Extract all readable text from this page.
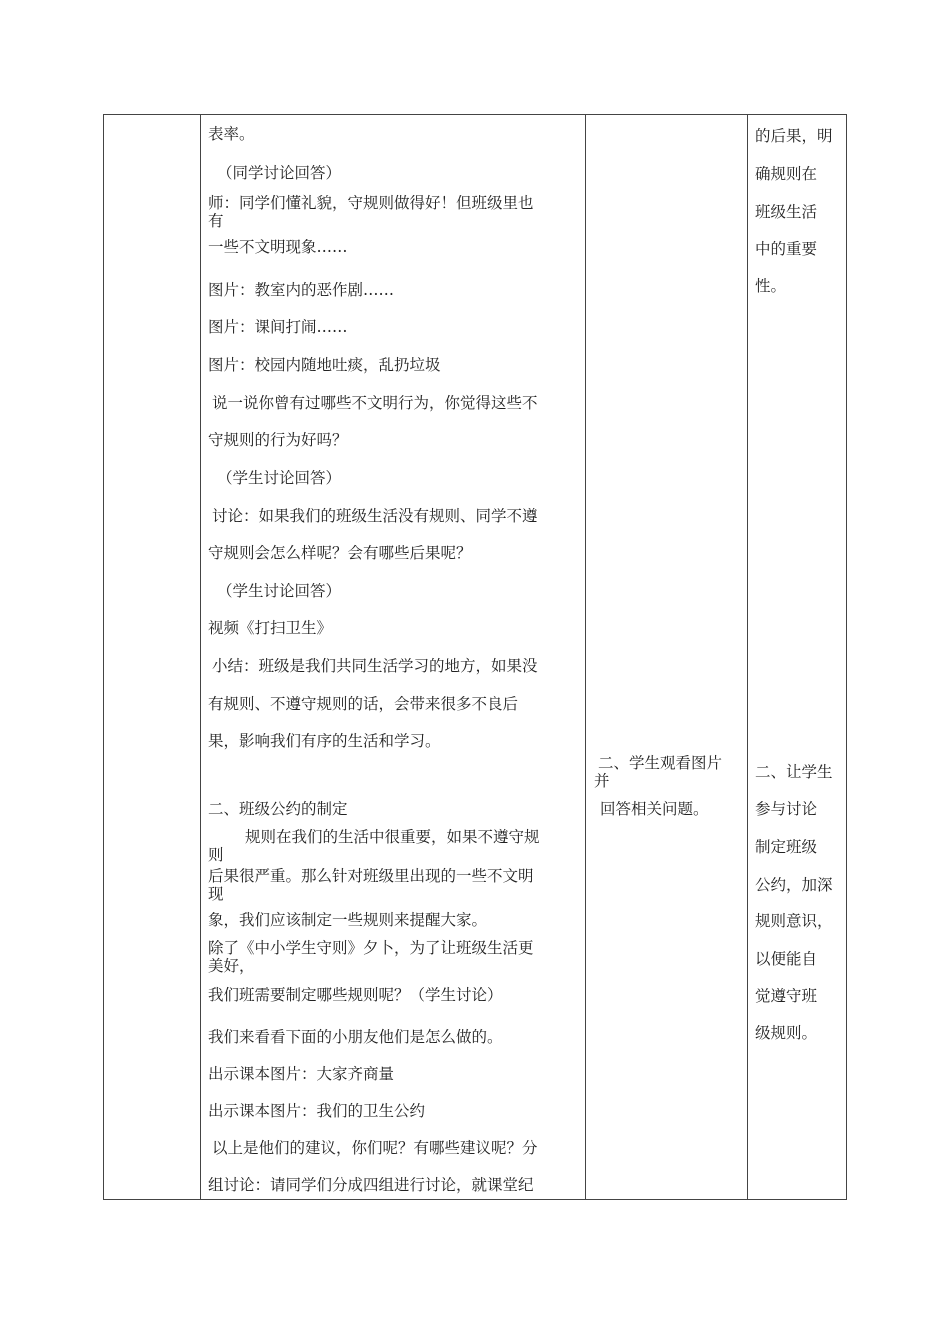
表率。
（同学讨论回答）
师：同学们懂礼貌，守规则做得好！但班级里也
有
一些不文明现象……
图片：教室内的恶作剧……
图片：课间打闹……
图片：校园内随地吐痰，乱扔垃圾
说一说你曾有过哪些不文明行为，你觉得这些不
守规则的行为好吗？
（学生讨论回答）
讨论：如果我们的班级生活没有规则、同学不遵
守规则会怎么样呢？会有哪些后果呢？
（学生讨论回答）
视频《打扫卫生》
小结：班级是我们共同生活学习的地方，如果没
有规则、不遵守规则的话，会带来很多不良后
果，影响我们有序的生活和学习。
二、班级公约的制定
规则在我们的生活中很重要，如果不遵守规
则
后果很严重。那么针对班级里出现的一些不文明
现
象，我们应该制定一些规则来提醒大家。
除了《中小学生守则》夕卜，为了让班级生活更
美好，
我们班需要制定哪些规则呢？（学生讨论）
我们来看看下面的小朋友他们是怎么做的。
出示课本图片：大家齐商量
出示课本图片：我们的卫生公约
以上是他们的建议，你们呢？有哪些建议呢？分
组讨论：请同学们分成四组进行讨论，就课堂纪
二、学生观看图片
并
回答相关问题。
的后果，明
确规则在
班级生活
中的重要
性。
二、让学生
参与讨论
制定班级
公约，加深
规则意识，
以便能自
觉遵守班
级规则。
